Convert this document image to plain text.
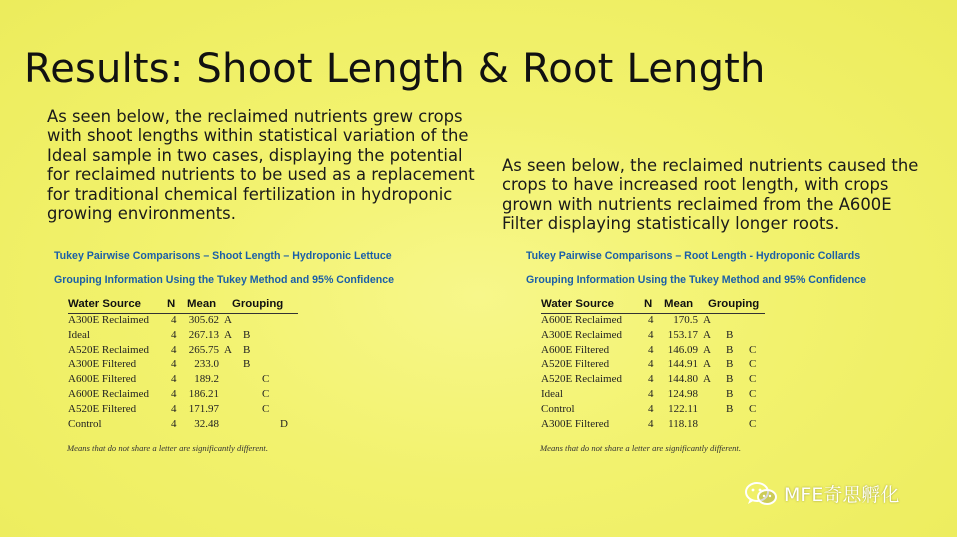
Results: Shoot Length & Root Length
As seen below, the reclaimed nutrients grew crops with shoot lengths within statistical variation of the Ideal sample in two cases, displaying the potential for reclaimed nutrients to be used as a replacement for traditional chemical fertilization in hydroponic growing environments.
As seen below, the reclaimed nutrients caused the crops to have increased root length, with crops grown with nutrients reclaimed from the A600E Filter displaying statistically longer roots.
Tukey Pairwise Comparisons – Shoot Length – Hydroponic Lettuce
Grouping Information Using the Tukey Method and 95% Confidence
Water Source N Mean Grouping
A300E Reclaimed 4	305.62 A
Ideal	4	267.13 A B
A520E Reclaimed 4	265.75 A B
A300E Filtered	4	233.0 B
A600E Filtered	4	189.2	C
A600E Reclaimed 4	186.21	C
A520E Filtered	4	171.97	C
Control	4	32.48	D
Means that do not share a letter are significantly different.
Tukey Pairwise Comparisons – Root Length - Hydroponic Collards
Grouping Information Using the Tukey Method and 95% Confidence
Water Source	N Mean Grouping
A600E Reclaimed 4	170.5 A
A300E Reclaimed 4	153.17 A B
A600E Filtered	4	146.09 A B C
A520E Filtered	4	144.91 A B C
A520E Reclaimed 4	144.80 A B C
Ideal	4	124.98	B C
Control	4	122.11	B C
A300E Filtered	4	118.18	C
Means that do not share a letter are significantly different.
MFE奇思孵化
